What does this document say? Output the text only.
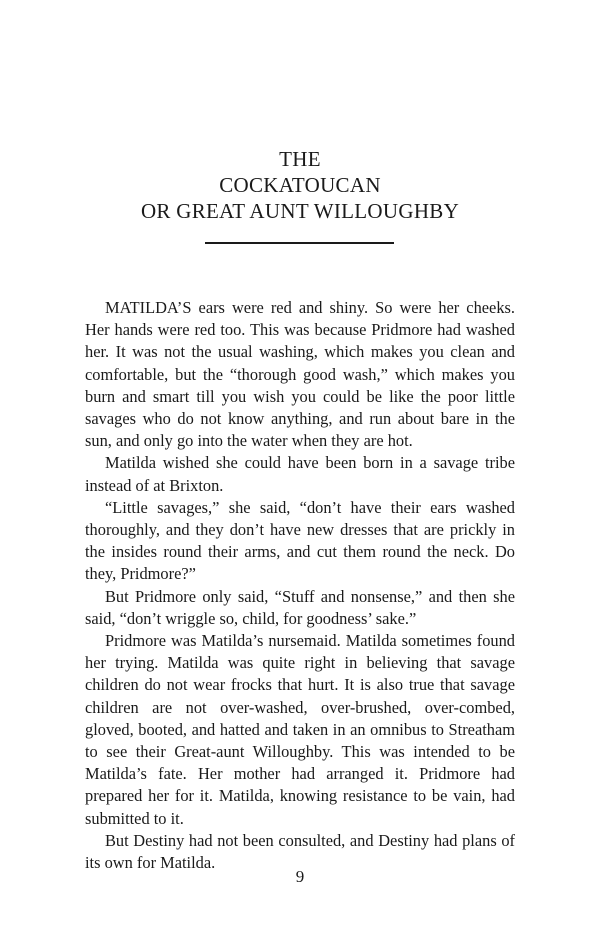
THE
COCKATOUCAN
OR GREAT AUNT WILLOUGHBY

MATILDA’S ears were red and shiny. So were her cheeks. Her hands were red too. This was because Pridmore had washed her. It was not the usual washing, which makes you clean and comfortable, but the “thorough good wash,” which makes you burn and smart till you wish you could be like the poor little savages who do not know anything, and run about bare in the sun, and only go into the water when they are hot.

Matilda wished she could have been born in a savage tribe instead of at Brixton.

“Little savages,” she said, “don’t have their ears washed thoroughly, and they don’t have new dresses that are prickly in the insides round their arms, and cut them round the neck. Do they, Pridmore?”

But Pridmore only said, “Stuff and nonsense,” and then she said, “don’t wriggle so, child, for goodness’ sake.”

Pridmore was Matilda’s nursemaid. Matilda sometimes found her trying. Matilda was quite right in believing that savage children do not wear frocks that hurt. It is also true that savage children are not over-washed, over-brushed, over-combed, gloved, booted, and hatted and taken in an omnibus to Streatham to see their Great-aunt Willoughby. This was intended to be Matilda’s fate. Her mother had arranged it. Pridmore had prepared her for it. Matilda, knowing resistance to be vain, had submitted to it.

But Destiny had not been consulted, and Destiny had plans of its own for Matilda.

9
